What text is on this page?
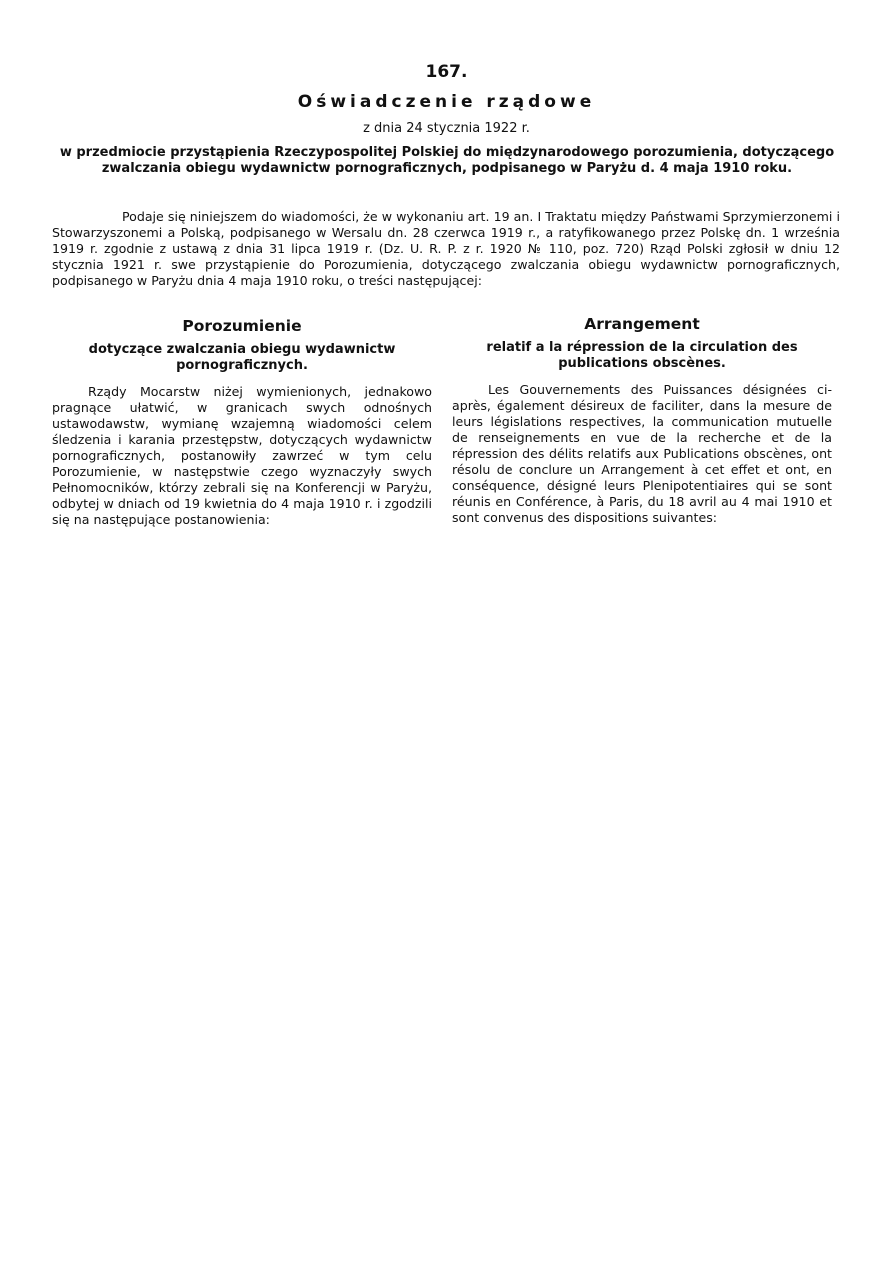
167.
Oświadczenie rządowe
z dnia 24 stycznia 1922 r.
w przedmiocie przystąpienia Rzeczypospolitej Polskiej do międzynarodowego porozumienia, dotyczącego zwalczania obiegu wydawnictw pornograficznych, podpisanego w Paryżu d. 4 maja 1910 roku.

Podaje się niniejszem do wiadomości, że w wykonaniu art. 19 an. I Traktatu między Państwami Sprzymierzonemi i Stowarzyszonemi a Polską, podpisanego w Wersalu dn. 28 czerwca 1919 r., a ratyfikowanego przez Polskę dn. 1 września 1919 r. zgodnie z ustawą z dnia 31 lipca 1919 r. (Dz. U. R. P. z r. 1920 № 110, poz. 720) Rząd Polski zgłosił w dniu 12 stycznia 1921 r. swe przystąpienie do Porozumienia, dotyczącego zwalczania obiegu wydawnictw pornograficznych, podpisanego w Paryżu dnia 4 maja 1910 roku, o treści następującej:

Porozumienie
dotyczące zwalczania obiegu wydawnictw pornograficznych.

Rządy Mocarstw niżej wymienionych, jednakowo pragnące ułatwić, w granicach swych odnośnych ustawodawstw, wymianę wzajemną wiadomości celem śledzenia i karania przestępstw, dotyczących wydawnictw pornograficznych, postanowiły zawrzeć w tym celu Porozumienie, w następstwie czego wyznaczyły swych Pełnomocników, którzy zebrali się na Konferencji w Paryżu, odbytej w dniach od 19 kwietnia do 4 maja 1910 r. i zgodzili się na następujące postanowienia:

Arrangement
relatif a la répression de la circulation des publications obscènes.

Les Gouvernements des Puissances désignées ci-après, également désireux de faciliter, dans la mesure de leurs législations respectives, la communication mutuelle de renseignements en vue de la recherche et de la répression des délits relatifs aux Publications obscènes, ont résolu de conclure un Arrangement à cet effet et ont, en conséquence, désigné leurs Plenipotentiaires qui se sont réunis en Conférence, à Paris, du 18 avril au 4 mai 1910 et sont convenus des dispositions suivantes:
